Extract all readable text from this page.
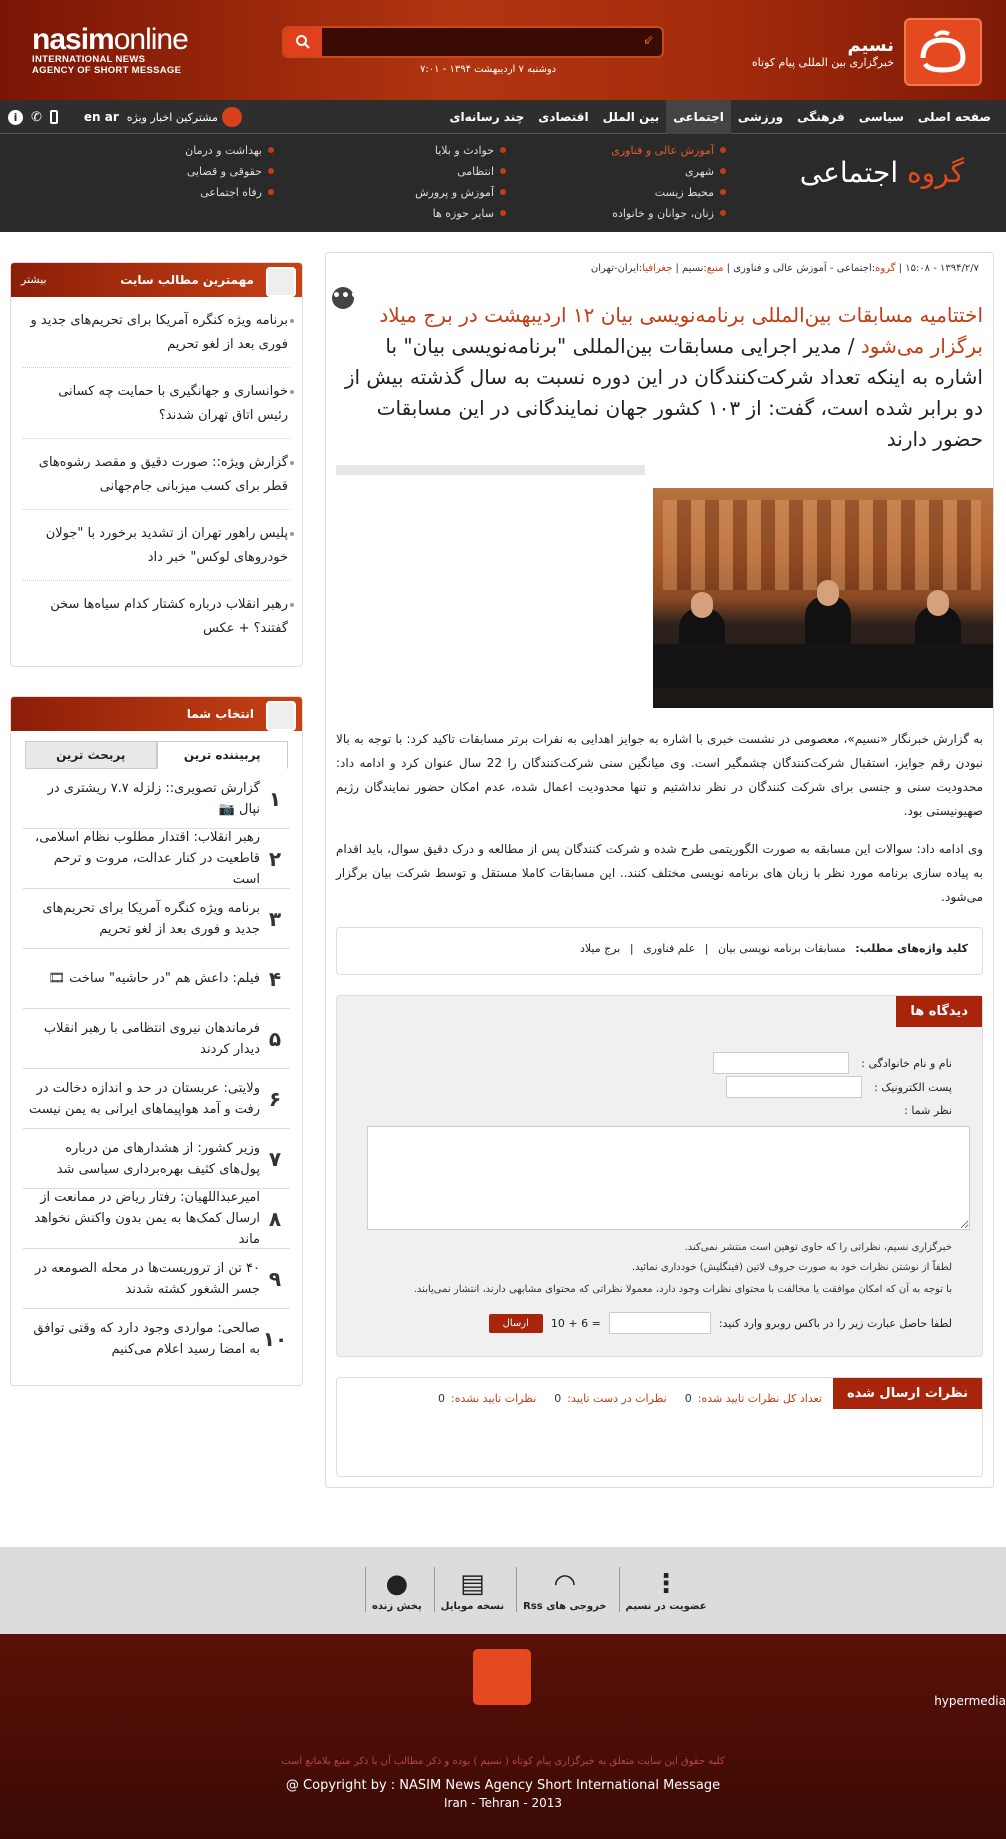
nasimonline
INTERNATIONAL NEWS
AGENCY OF SHORT MESSAGE
⇙
دوشنبه ۷ اردیبهشت ۱۳۹۴ - ۷:۰۱
نسیم
خبرگزاری بین المللی پیام کوتاه
صفحه اصلی
سیاسی
فرهنگی
ورزشی
اجتماعی
بین الملل
اقتصادی
چند رسانه‌ای
i	✆	en ar مشترکین اخبار ویژه
گروه اجتماعی
آموزش عالی و فناوری
شهری
محیط زیست
زنان، جوانان و خانواده
حوادث و بلایا
انتظامی
آموزش و پرورش
سایر حوزه ها
بهداشت و درمان
حقوقی و قضایی
رفاه اجتماعی
مهمترین مطالب سایت
بیشتر
برنامه ویژه کنگره آمریکا برای تحریم‌های جدید و فوری بعد از لغو تحریم
خوانساری و جهانگیری با حمایت چه کسانی رئیس اتاق تهران شدند؟
گزارش ویژه:: صورت دقیق و مقصد رشوه‌های قطر برای کسب میزبانی جام‌جهانی
پلیس راهور تهران از تشدید برخورد با "جولان خودروهای لوکس" خبر داد
رهبر انقلاب درباره کشتار کدام سیاه‌ها سخن گفتند؟ + عکس
انتخاب شما
پربیننده ترین
پربحث ترین
۱
گزارش تصویری:: زلزله ۷.۷ ریشتری در نپال 📷
۲
رهبر انقلاب: اقتدار مطلوب نظام اسلامی، قاطعیت در کنار عدالت، مروت و ترحم است
۳
برنامه ویژه کنگره آمریکا برای تحریم‌های جدید و فوری بعد از لغو تحریم
۴
فیلم: داعش هم "در حاشیه" ساخت 🎞
۵
فرماندهان نیروی انتظامی با رهبر انقلاب دیدار کردند
۶
ولایتی: عربستان در حد و اندازه دخالت در رفت و آمد هواپیماهای ایرانی به یمن نیست
۷
وزیر کشور: از هشدارهای من درباره پول‌های کثیف بهره‌برداری سیاسی شد
۸
امیرعبداللهیان: رفتار ریاض در ممانعت از ارسال کمک‌ها به یمن بدون واکنش نخواهد ماند
۹
۴۰ تن از تروریست‌ها در محله الصومعه در جسر الشغور کشته شدند
۱۰
صالحی: مواردی وجود دارد که وقتی توافق به امضا رسید اعلام می‌کنیم
۱۳۹۴/۲/۷ - ۱۵:۰۸ | گروه:اجتماعی - آموزش عالی و فناوری | منبع:نسیم | جغرافیا:ایران-تهران
•••
اختتامیه مسابقات بین‌المللی برنامه‌نویسی بیان ۱۲ اردیبهشت در برج میلاد برگزار می‌شود / مدیر اجرایی مسابقات بین‌المللی "برنامه‌نویسی بیان" با اشاره به اینکه تعداد شرکت‌کنندگان در این دوره نسبت به سال گذشته بیش از دو برابر شده است، گفت: از ۱۰۳ کشور جهان نمایندگانی در این مسابقات حضور دارند

به گزارش خبرنگار «نسیم»، معصومی در نشست خبری با اشاره به جوایز اهدایی به نفرات برتر مسابقات تاکید کرد: با توجه به بالا نبودن رقم جوایز، استقبال شرکت‌کنندگان چشمگیر است. وی میانگین سنی شرکت‌کنندگان را 22 سال عنوان کرد و ادامه داد: محدودیت سنی و جنسی برای شرکت کنندگان در نظر نداشتیم و تنها محدودیت اعمال شده، عدم امکان حضور نمایندگان رژیم صهیونیستی بود.

وی ادامه داد: سوالات این مسابقه به صورت الگوریتمی طرح شده و شرکت کنندگان پس از مطالعه و درک دقیق سوال، باید اقدام به پیاده سازی برنامه مورد نظر با زبان های برنامه نویسی مختلف کنند.. این مسابقات کاملا مستقل و توسط شرکت بیان برگزار می‌شود.

کلید واژه‌های مطلب: مسابقات برنامه نویسی بیان | علم فناوری | برج میلاد
دیدگاه ها
نام و نام خانوادگی :
پست الکترونیک :
نظر شما :
خبرگزاری نسیم، نظراتی را که حاوی توهین است منتشر نمی‌کند.
لطفاً از نوشتن نظرات خود به صورت حروف لاتین (فینگلیش) خودداری نمائید.
با توجه به آن که امکان موافقت یا مخالفت با محتوای نظرات وجود دارد، معمولا نظراتی که محتوای مشابهی دارند، انتشار نمی‌یابند.
لطفا حاصل عبارت زیر را در باکس روبرو وارد کنید:
10 + 6 =
ارسال
نظرات ارسال شده
تعداد کل نظرات تایید شده:0
نظرات در دست تایید:0
نظرات تایید نشده:0
⋮
عضویت در نسیم
◠
خروجی های Rss
▤
نسخه موبایل
●
پخش زنده
hypermedia
کلیه حقوق این سایت متعلق به خبرگزاری پیام کوتاه ( نسیم ) بوده و ذکر مطالب آن با ذکر منبع بلامانع است
@ Copyright by : NASIM News Agency Short International Message
Iran - Tehran - 2013
